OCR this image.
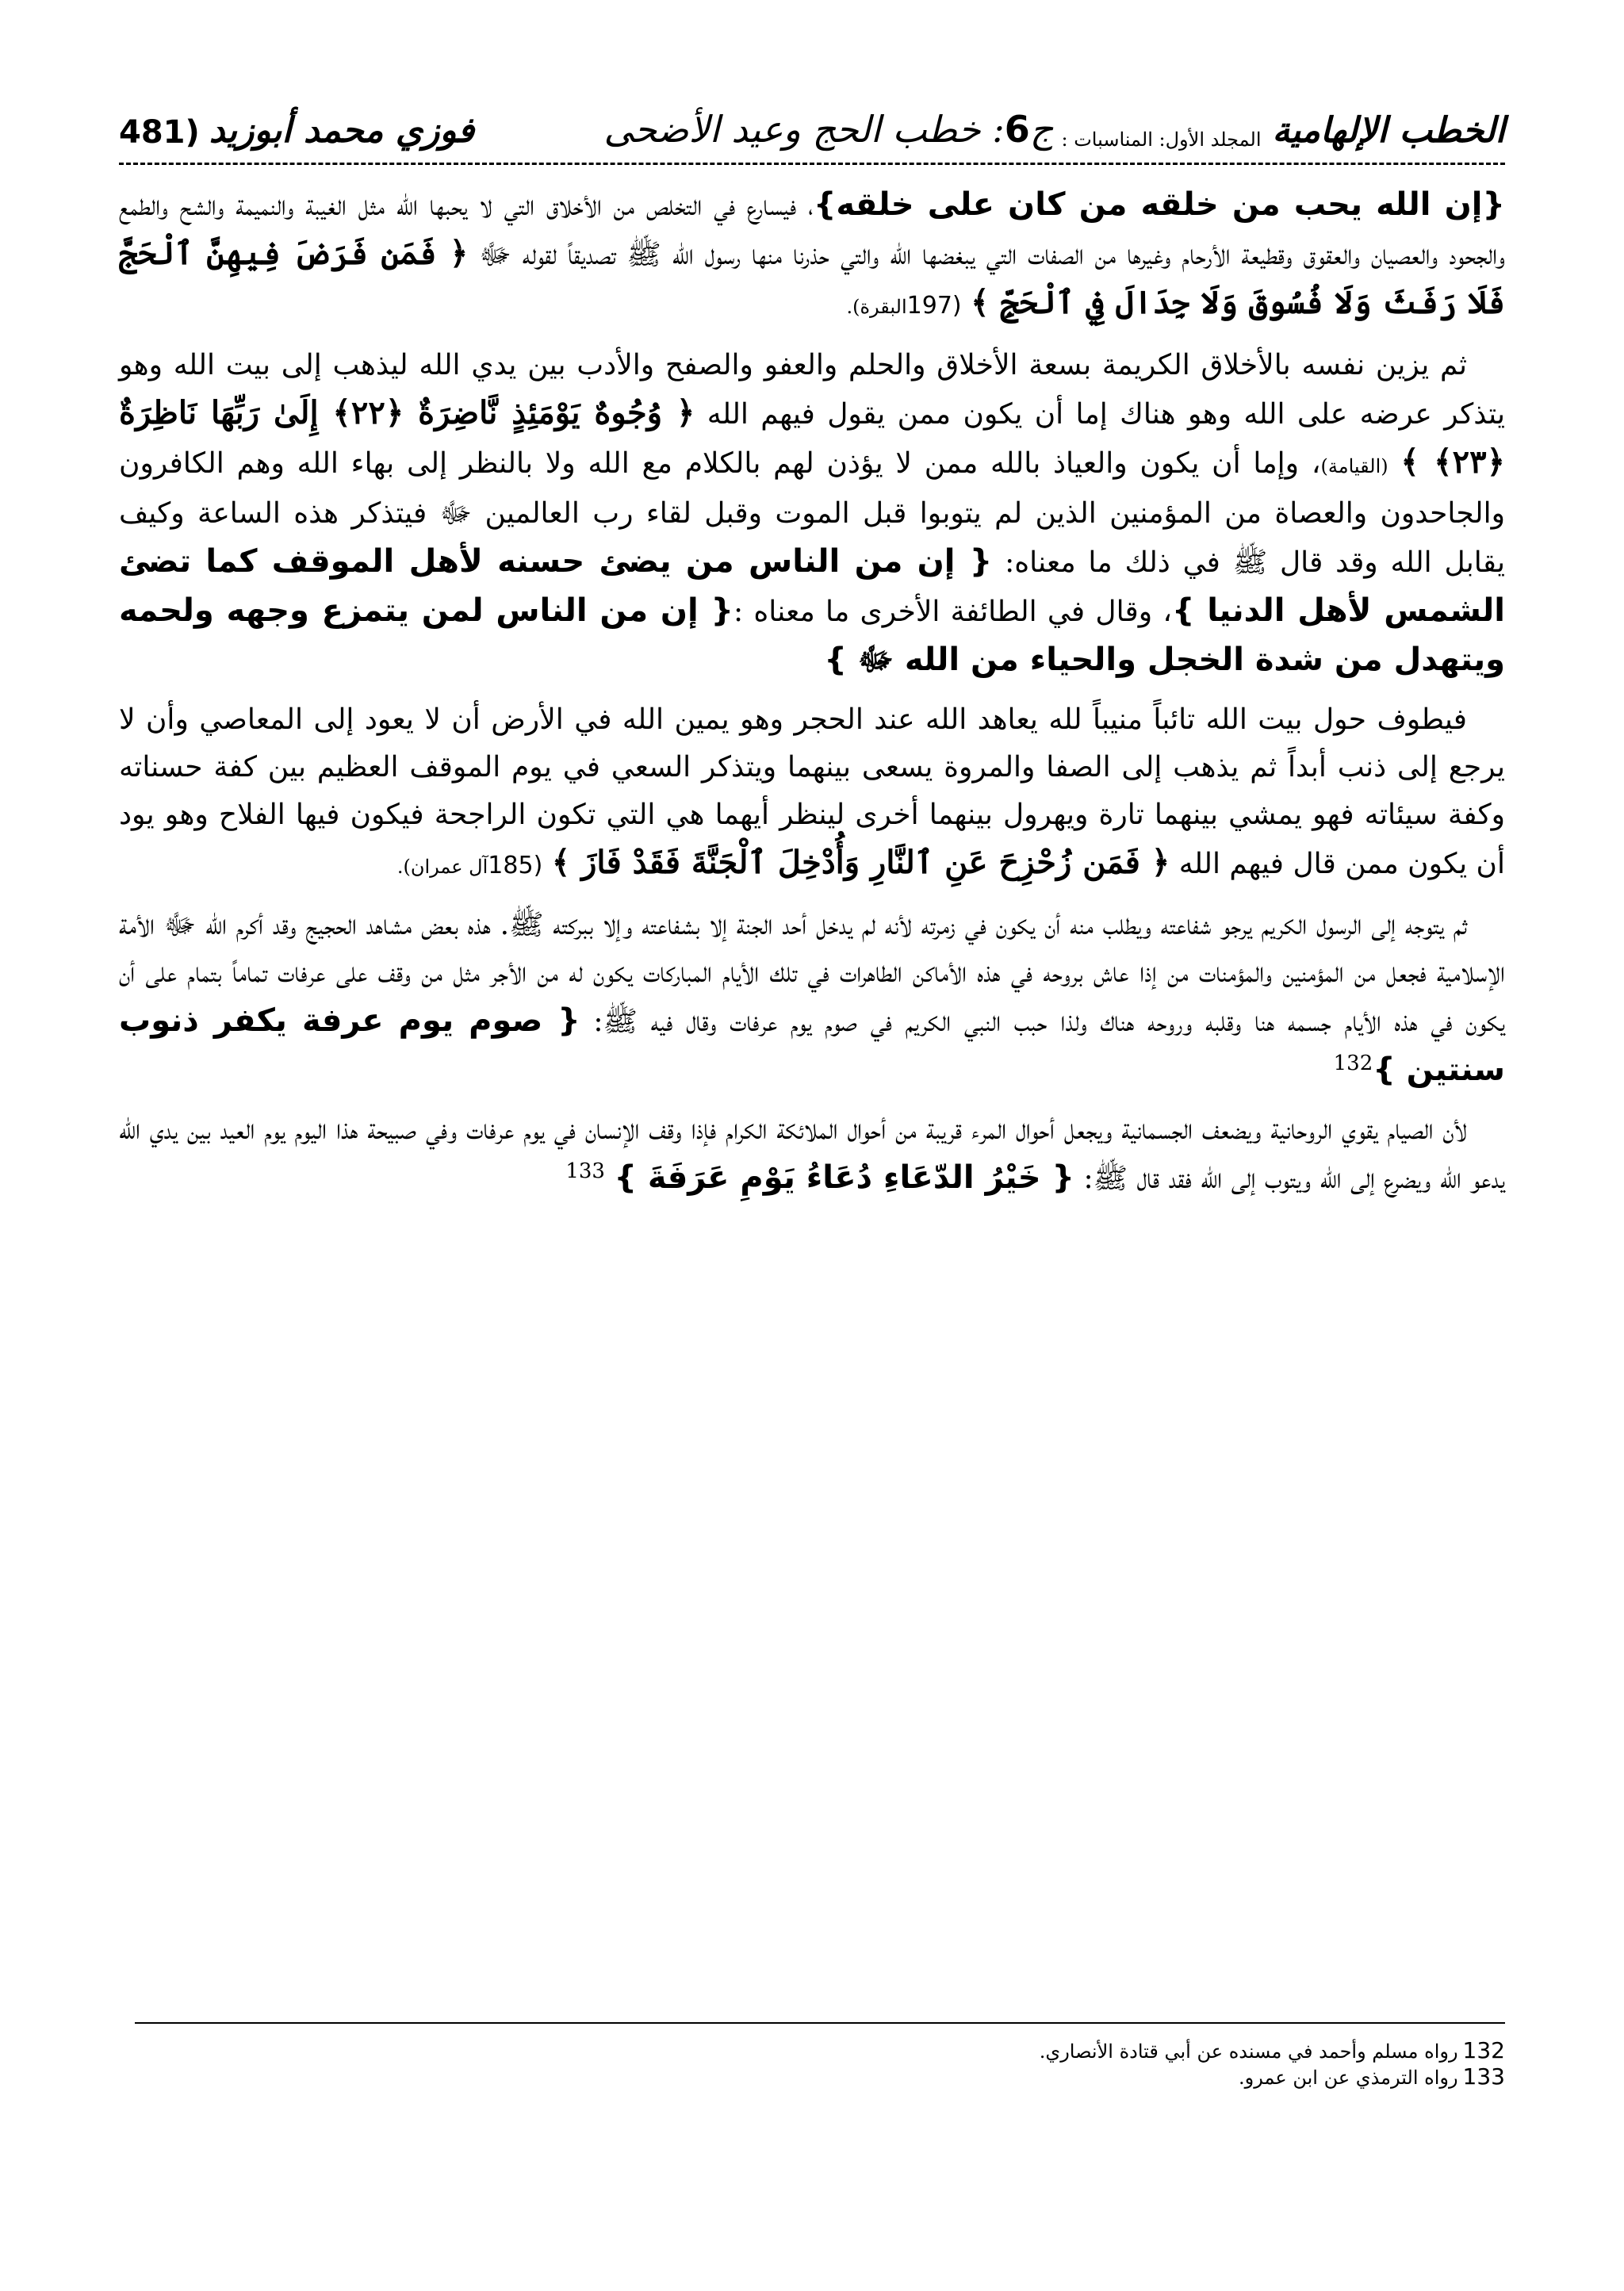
الخطب الإلهامية
المجلد الأول: المناسبات :
ج6: خطب الحج وعيد الأضحى
فوزي محمد أبوزيد
481)

{إن الله يحب من خلقه من كان على خلقه}، فيسارع في التخلص من الأخلاق التي لا يحبها الله مثل الغيبة والنميمة والشح والطمع والجحود والعصيان والعقوق وقطيعة الأرحام وغيرها من الصفات التي يبغضها الله والتي حذرنا منها رسول الله ﷺ تصديقاً لقوله ﷻ ﴿ فَمَن فَرَضَ فِيهِنَّ ٱلْحَجَّ فَلَا رَفَثَ وَلَا فُسُوقَ وَلَا جِدَالَ فِي ٱلْحَجِّ ﴾ (197البقرة).

ثم يزين نفسه بالأخلاق الكريمة بسعة الأخلاق والحلم والعفو والصفح والأدب بين يدي الله ليذهب إلى بيت الله وهو يتذكر عرضه على الله وهو هناك إما أن يكون ممن يقول فيهم الله ﴿ وُجُوهٌ يَوْمَئِذٍ نَّاضِرَةٌ ﴿٢٢﴾ إِلَىٰ رَبِّهَا نَاظِرَةٌ ﴿٢٣﴾ ﴾ (القيامة)، وإما أن يكون والعياذ بالله ممن لا يؤذن لهم بالكلام مع الله ولا بالنظر إلى بهاء الله وهم الكافرون والجاحدون والعصاة من المؤمنين الذين لم يتوبوا قبل الموت وقبل لقاء رب العالمين ﷻ فيتذكر هذه الساعة وكيف يقابل الله وقد قال ﷺ في ذلك ما معناه: { إن من الناس من يضئ حسنه لأهل الموقف كما تضئ الشمس لأهل الدنيا }، وقال في الطائفة الأخرى ما معناه :{ إن من الناس لمن يتمزع وجهه ولحمه ويتهدل من شدة الخجل والحياء من الله ﷻ }

فيطوف حول بيت الله تائباً منيباً لله يعاهد الله عند الحجر وهو يمين الله في الأرض أن لا يعود إلى المعاصي وأن لا يرجع إلى ذنب أبداً ثم يذهب إلى الصفا والمروة يسعى بينهما ويتذكر السعي في يوم الموقف العظيم بين كفة حسناته وكفة سيئاته فهو يمشي بينهما تارة ويهرول بينهما أخرى لينظر أيهما هي التي تكون الراجحة فيكون فيها الفلاح وهو يود أن يكون ممن قال فيهم الله ﴿ فَمَن زُحْزِحَ عَنِ ٱلنَّارِ وَأُدْخِلَ ٱلْجَنَّةَ فَقَدْ فَازَ ﴾ (185آل عمران).

ثم يتوجه إلى الرسول الكريم يرجو شفاعته ويطلب منه أن يكون في زمرته لأنه لم يدخل أحد الجنة إلا بشفاعته وإلا ببركته ﷺ. هذه بعض مشاهد الحجيج وقد أكرم الله ﷻ الأمة الإسلامية فجعل من المؤمنين والمؤمنات من إذا عاش بروحه في هذه الأماكن الطاهرات في تلك الأيام المباركات يكون له من الأجر مثل من وقف على عرفات تماماً بتمام على أن يكون في هذه الأيام جسمه هنا وقلبه وروحه هناك ولذا حبب النبي الكريم في صوم يوم عرفات وقال فيه ﷺ: { صوم يوم عرفة يكفر ذنوب سنتين }$^{132}$

لأن الصيام يقوي الروحانية ويضعف الجسمانية ويجعل أحوال المرء قريبة من أحوال الملائكة الكرام فإذا وقف الإنسان في يوم عرفات وفي صبيحة هذا اليوم يوم العيد بين يدي الله يدعو الله ويضرع إلى الله ويتوب إلى الله فقد قال ﷺ: { خَيْرُ الدّعَاءِ دُعَاءُ يَوْمِ عَرَفَةَ } $^{133}$

132رواه مسلم وأحمد في مسنده عن أبي قتادة الأنصاري.
133رواه الترمذي عن ابن عمرو.
